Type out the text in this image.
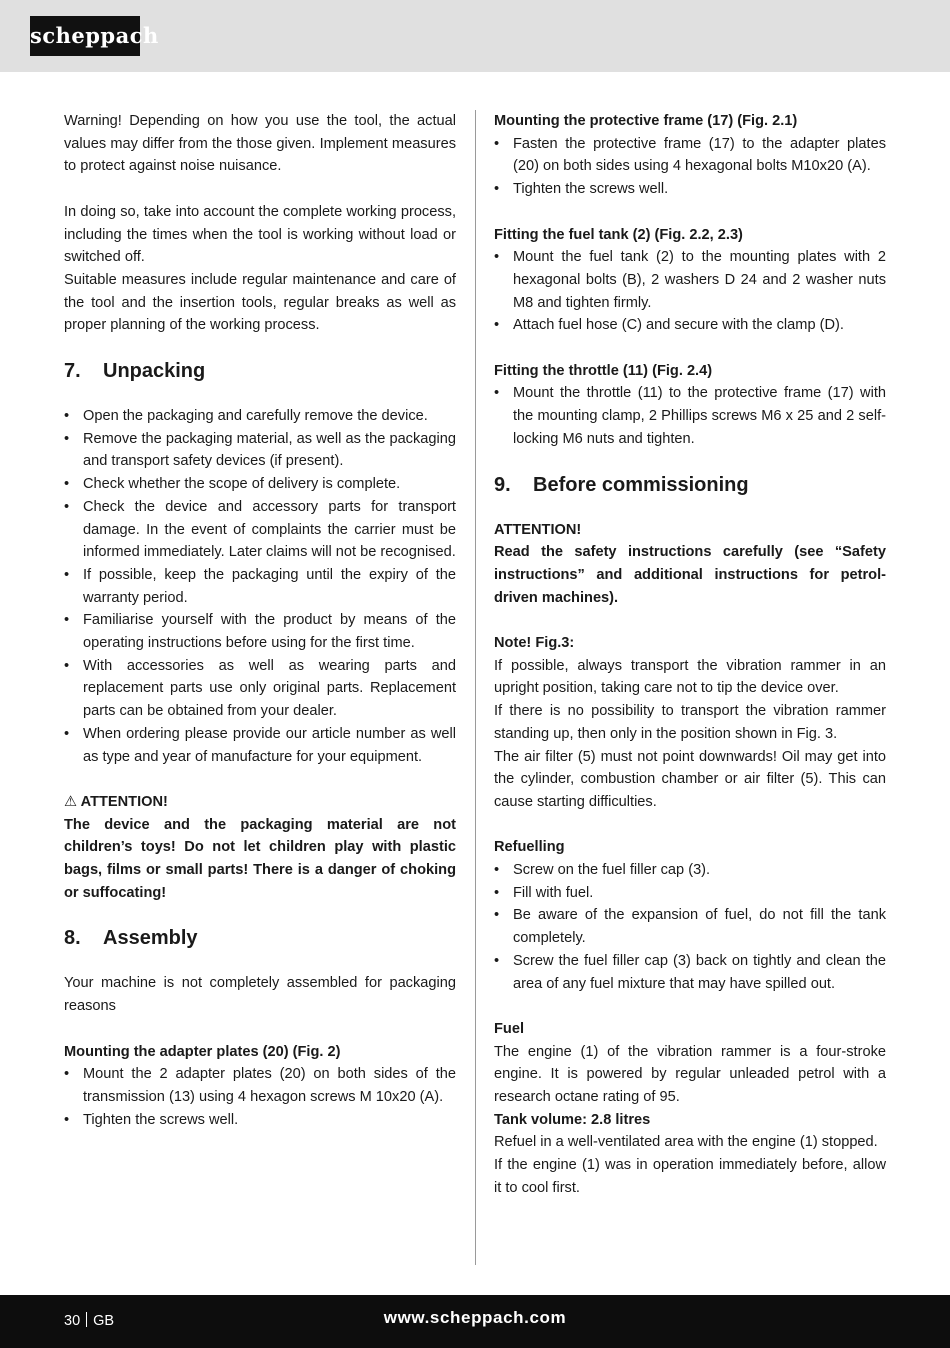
scheppach

Warning! Depending on how you use the tool, the actual values may differ from the those given. Implement measures to protect against noise nuisance.

In doing so, take into account the complete working process, including the times when the tool is working without load or switched off.

Suitable measures include regular maintenance and care of the tool and the insertion tools, regular breaks as well as proper planning of the working process.

7.	Unpacking
• Open the packaging and carefully remove the device.
• Remove the packaging material, as well as the packaging and transport safety devices (if present).
• Check whether the scope of delivery is complete.
• Check the device and accessory parts for transport damage. In the event of complaints the carrier must be informed immediately. Later claims will not be recognised.
• If possible, keep the packaging until the expiry of the warranty period.
• Familiarise yourself with the product by means of the operating instructions before using for the first time.
• With accessories as well as wearing parts and replacement parts use only original parts. Replacement parts can be obtained from your dealer.
• When ordering please provide our article number as well as type and year of manufacture for your equipment.

⚠ ATTENTION!

The device and the packaging material are not children’s toys! Do not let children play with plastic bags, films or small parts! There is a danger of choking or suffocating!

8.	Assembly

Your machine is not completely assembled for packaging reasons

Mounting the adapter plates (20) (Fig. 2)

• Mount the 2 adapter plates (20) on both sides of the transmission (13) using 4 hexagon screws M 10x20 (A).
• Tighten the screws well.

Mounting the protective frame (17) (Fig. 2.1)

• Fasten the protective frame (17) to the adapter plates (20) on both sides using 4 hexagonal bolts M10x20 (A).
• Tighten the screws well.

Fitting the fuel tank (2) (Fig. 2.2, 2.3)

• Mount the fuel tank (2) to the mounting plates with 2 hexagonal bolts (B), 2 washers D 24 and 2 washer nuts M8 and tighten firmly.
• Attach fuel hose (C) and secure with the clamp (D).

Fitting the throttle (11) (Fig. 2.4)

• Mount the throttle (11) to the protective frame (17) with the mounting clamp, 2 Phillips screws M6 x 25 and 2 self-locking M6 nuts and tighten.
9.	Before commissioning

ATTENTION!

Read the safety instructions carefully (see “Safety instructions” and additional instructions for petrol-driven machines).

Note! Fig.3:

If possible, always transport the vibration rammer in an upright position, taking care not to tip the device over.

If there is no possibility to transport the vibration rammer standing up, then only in the position shown in Fig. 3.

The air filter (5) must not point downwards! Oil may get into the cylinder, combustion chamber or air filter (5). This can cause starting difficulties.

Refuelling

• Screw on the fuel filler cap (3).
• Fill with fuel.
• Be aware of the expansion of fuel, do not fill the tank completely.
• Screw the fuel filler cap (3) back on tightly and clean the area of any fuel mixture that may have spilled out.

Fuel

The engine (1) of the vibration rammer is a four-stroke engine. It is powered by regular unleaded petrol with a research octane rating of 95.

Tank volume: 2.8 litres

Refuel in a well-ventilated area with the engine (1) stopped.

If the engine (1) was in operation immediately before, allow it to cool first.

30 GB	www.scheppach.com
